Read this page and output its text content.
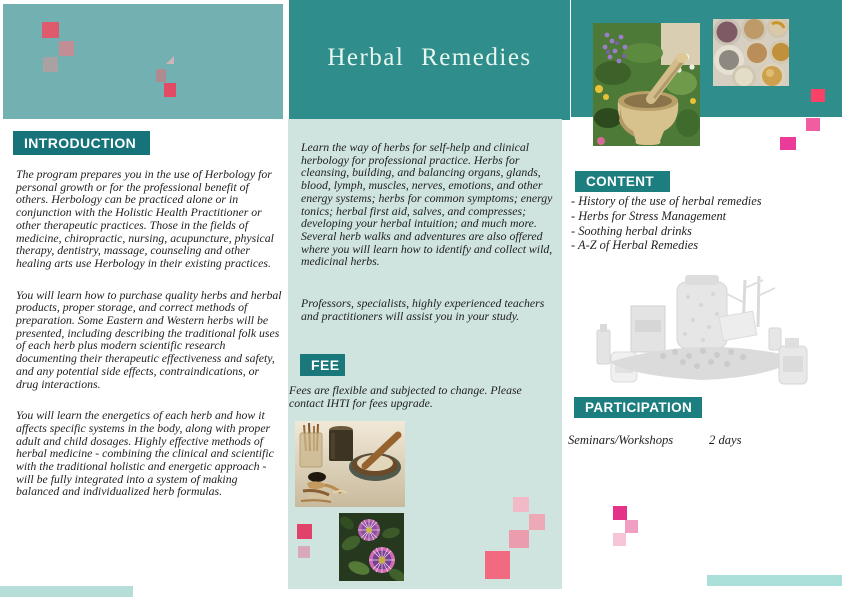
Herbal Remedies
INTRODUCTION
CONTENT
FEE
PARTICIPATION

The program prepares you in the use of Herbology for personal growth or for the professional benefit of others. Herbology can be practiced alone or in conjunction with the Holistic Health Practitioner or other therapeutic practices. Those in the fields of medicine, chiropractic, nursing, acupuncture, physical therapy, dentistry, massage, counseling and other healing arts use Herbology in their existing practices.

You will learn how to purchase quality herbs and herbal products, proper storage, and correct methods of preparation. Some Eastern and Western herbs will be presented, including describing the traditional folk uses of each herb plus modern scientific research documenting their therapeutic effectiveness and safety, and any potential side effects, contraindications, or drug interactions.

You will learn the energetics of each herb and how it affects specific systems in the body, along with proper adult and child dosages. Highly effective methods of herbal medicine - combining the clinical and scientific with the traditional holistic and energetic approach - will be fully integrated into a system of making balanced and individualized herb formulas.

Learn the way of herbs for self-help and clinical herbology for professional practice. Herbs for cleansing, building, and balancing organs, glands, blood, lymph, muscles, nerves, emotions, and other energy systems; herbs for common symptoms; energy tonics; herbal first aid, salves, and compresses; developing your herbal intuition; and much more. Several herb walks and adventures are also offered where you will learn how to identify and collect wild, medicinal herbs.
Professors, specialists, highly experienced teachers and practitioners will assist you in your study.
Fees are flexible and subjected to change. Please contact IHTI for fees upgrade.
- History of the use of herbal remedies
- Herbs for Stress Management
- Soothing herbal drinks
- A-Z of Herbal Remedies
Seminars/Workshops	2 days
